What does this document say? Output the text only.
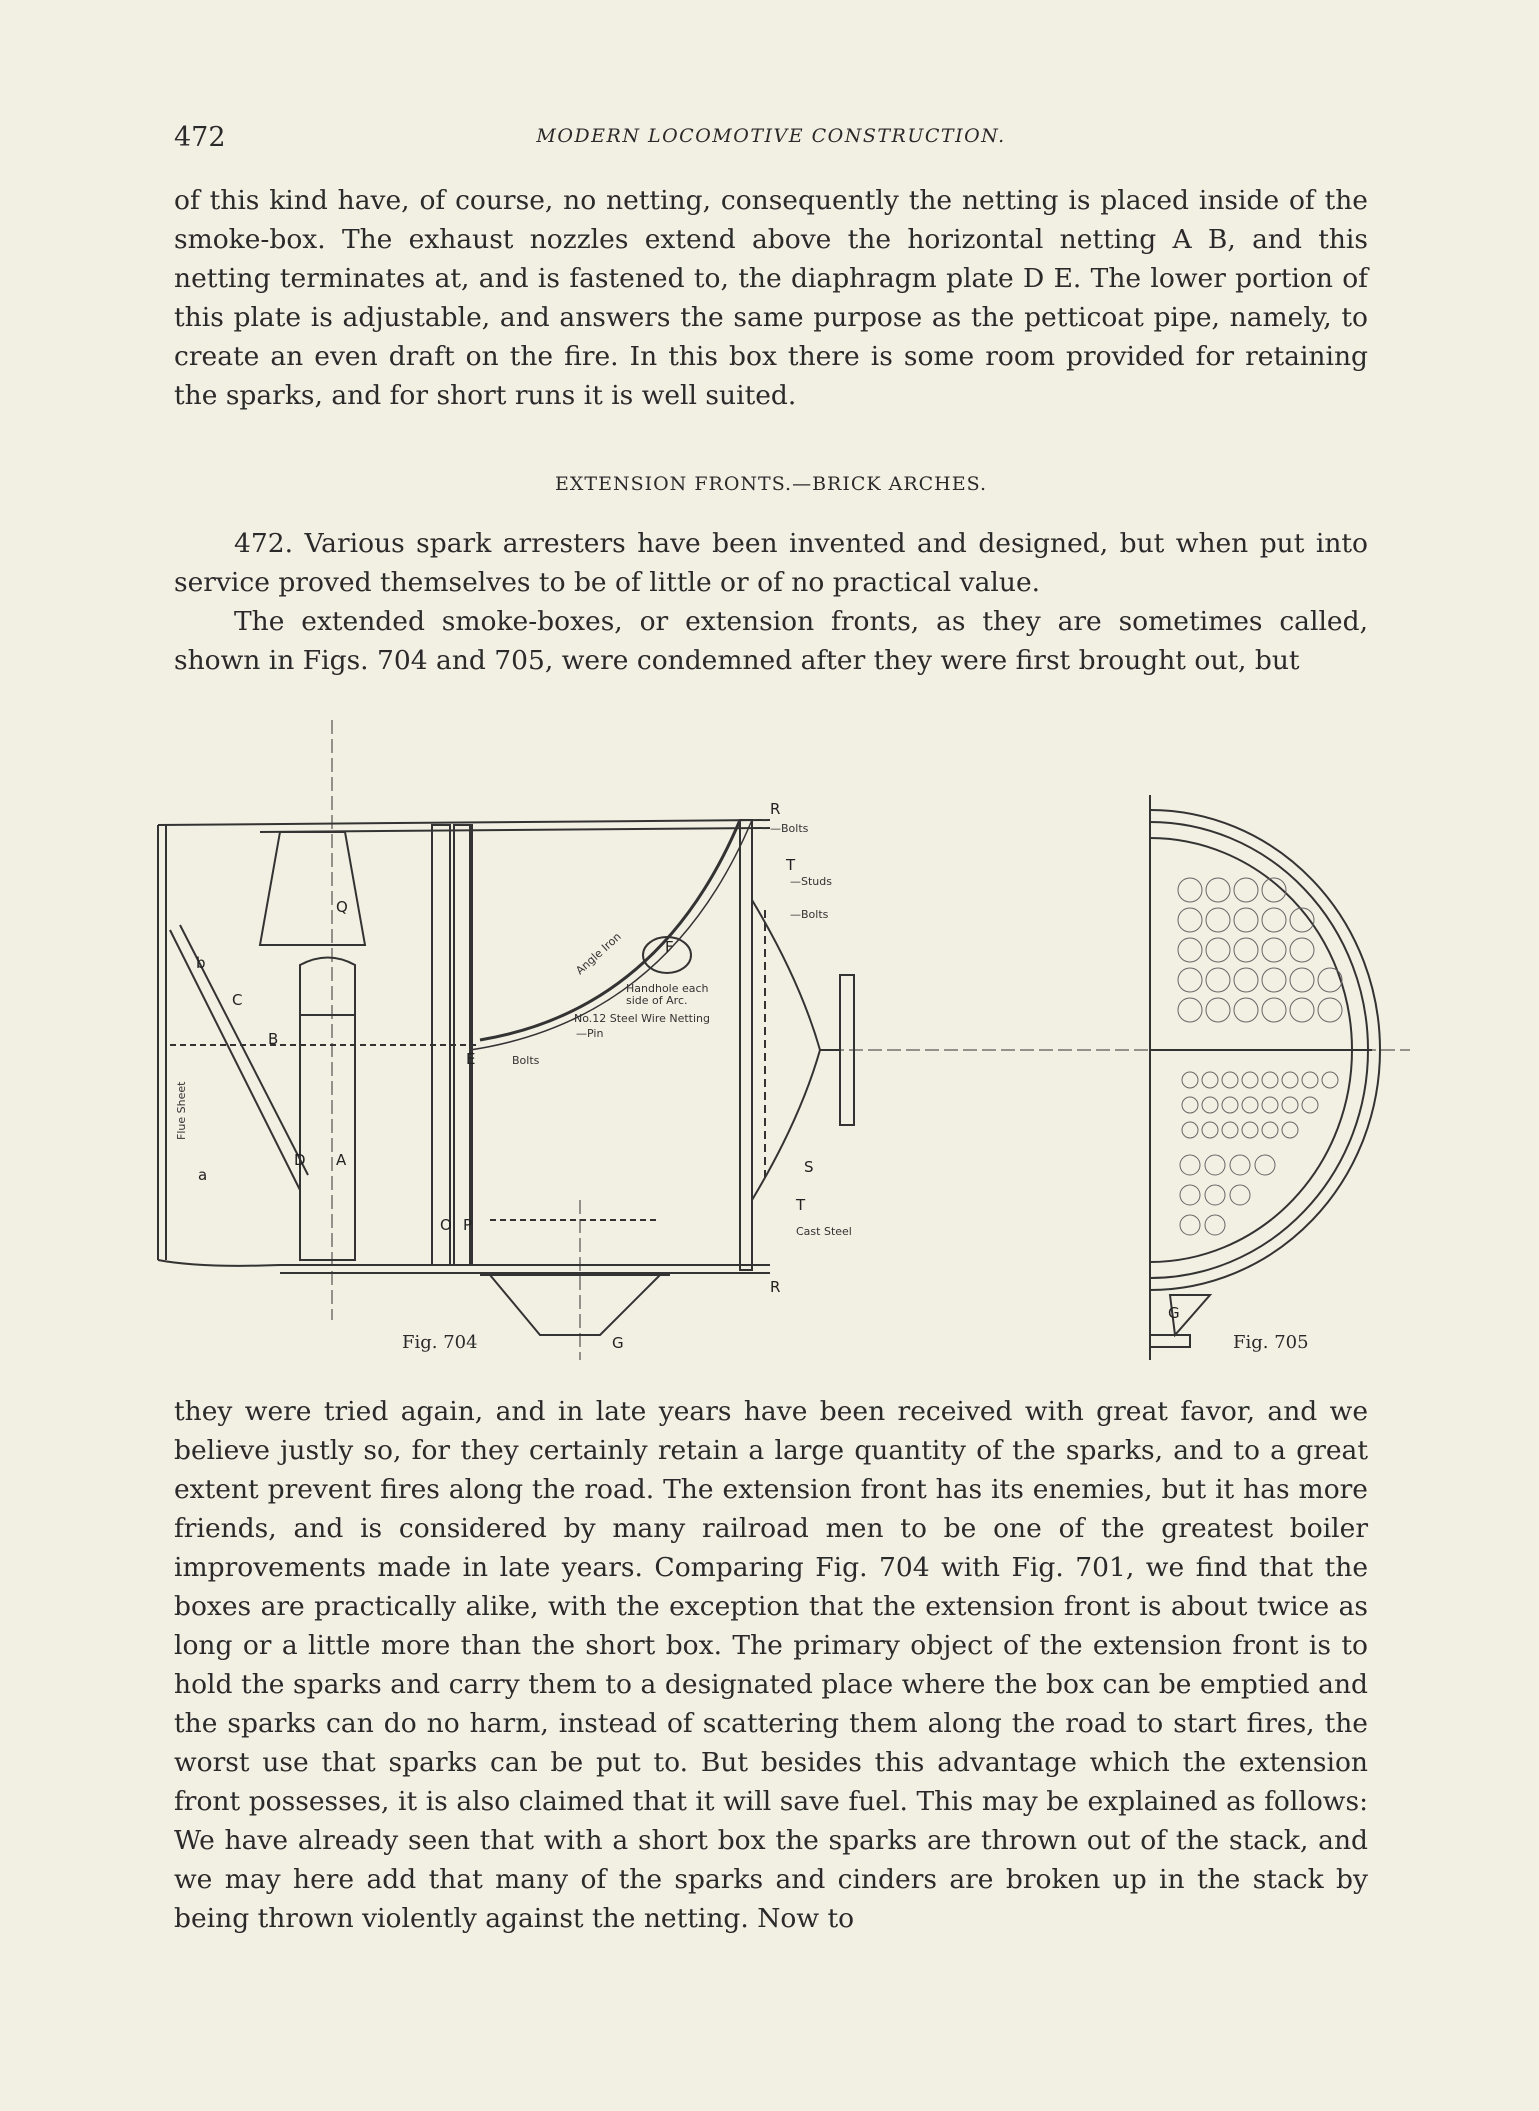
472	MODERN LOCOMOTIVE CONSTRUCTION.

of this kind have, of course, no netting, consequently the netting is placed inside of the smoke-box. The exhaust nozzles extend above the horizontal netting A B, and this netting terminates at, and is fastened to, the diaphragm plate D E. The lower portion of this plate is adjustable, and answers the same purpose as the petticoat pipe, namely, to create an even draft on the fire. In this box there is some room provided for retaining the sparks, and for short runs it is well suited.

EXTENSION FRONTS.—BRICK ARCHES.

472. Various spark arresters have been invented and designed, but when put into service proved themselves to be of little or of no practical value.

The extended smoke-boxes, or extension fronts, as they are sometimes called, shown in Figs. 704 and 705, were condemned after they were first brought out, but

—Bolts
—Studs
—Bolts
Angle Iron
Handhole each
side of Arc.
No.12 Steel Wire Netting
—Pin
Bolts
Cast Steel
Flue Sheet
R
T
F
S
T
R
G
G
Q
b
C
B
E
D A
a
O P
Fig. 704	Fig. 705

they were tried again, and in late years have been received with great favor, and we believe justly so, for they certainly retain a large quantity of the sparks, and to a great extent prevent fires along the road. The extension front has its enemies, but it has more friends, and is considered by many railroad men to be one of the greatest boiler improvements made in late years. Comparing Fig. 704 with Fig. 701, we find that the boxes are practically alike, with the exception that the extension front is about twice as long or a little more than the short box. The primary object of the extension front is to hold the sparks and carry them to a designated place where the box can be emptied and the sparks can do no harm, instead of scattering them along the road to start fires, the worst use that sparks can be put to. But besides this advantage which the extension front possesses, it is also claimed that it will save fuel. This may be explained as follows: We have already seen that with a short box the sparks are thrown out of the stack, and we may here add that many of the sparks and cinders are broken up in the stack by being thrown violently against the netting. Now to
